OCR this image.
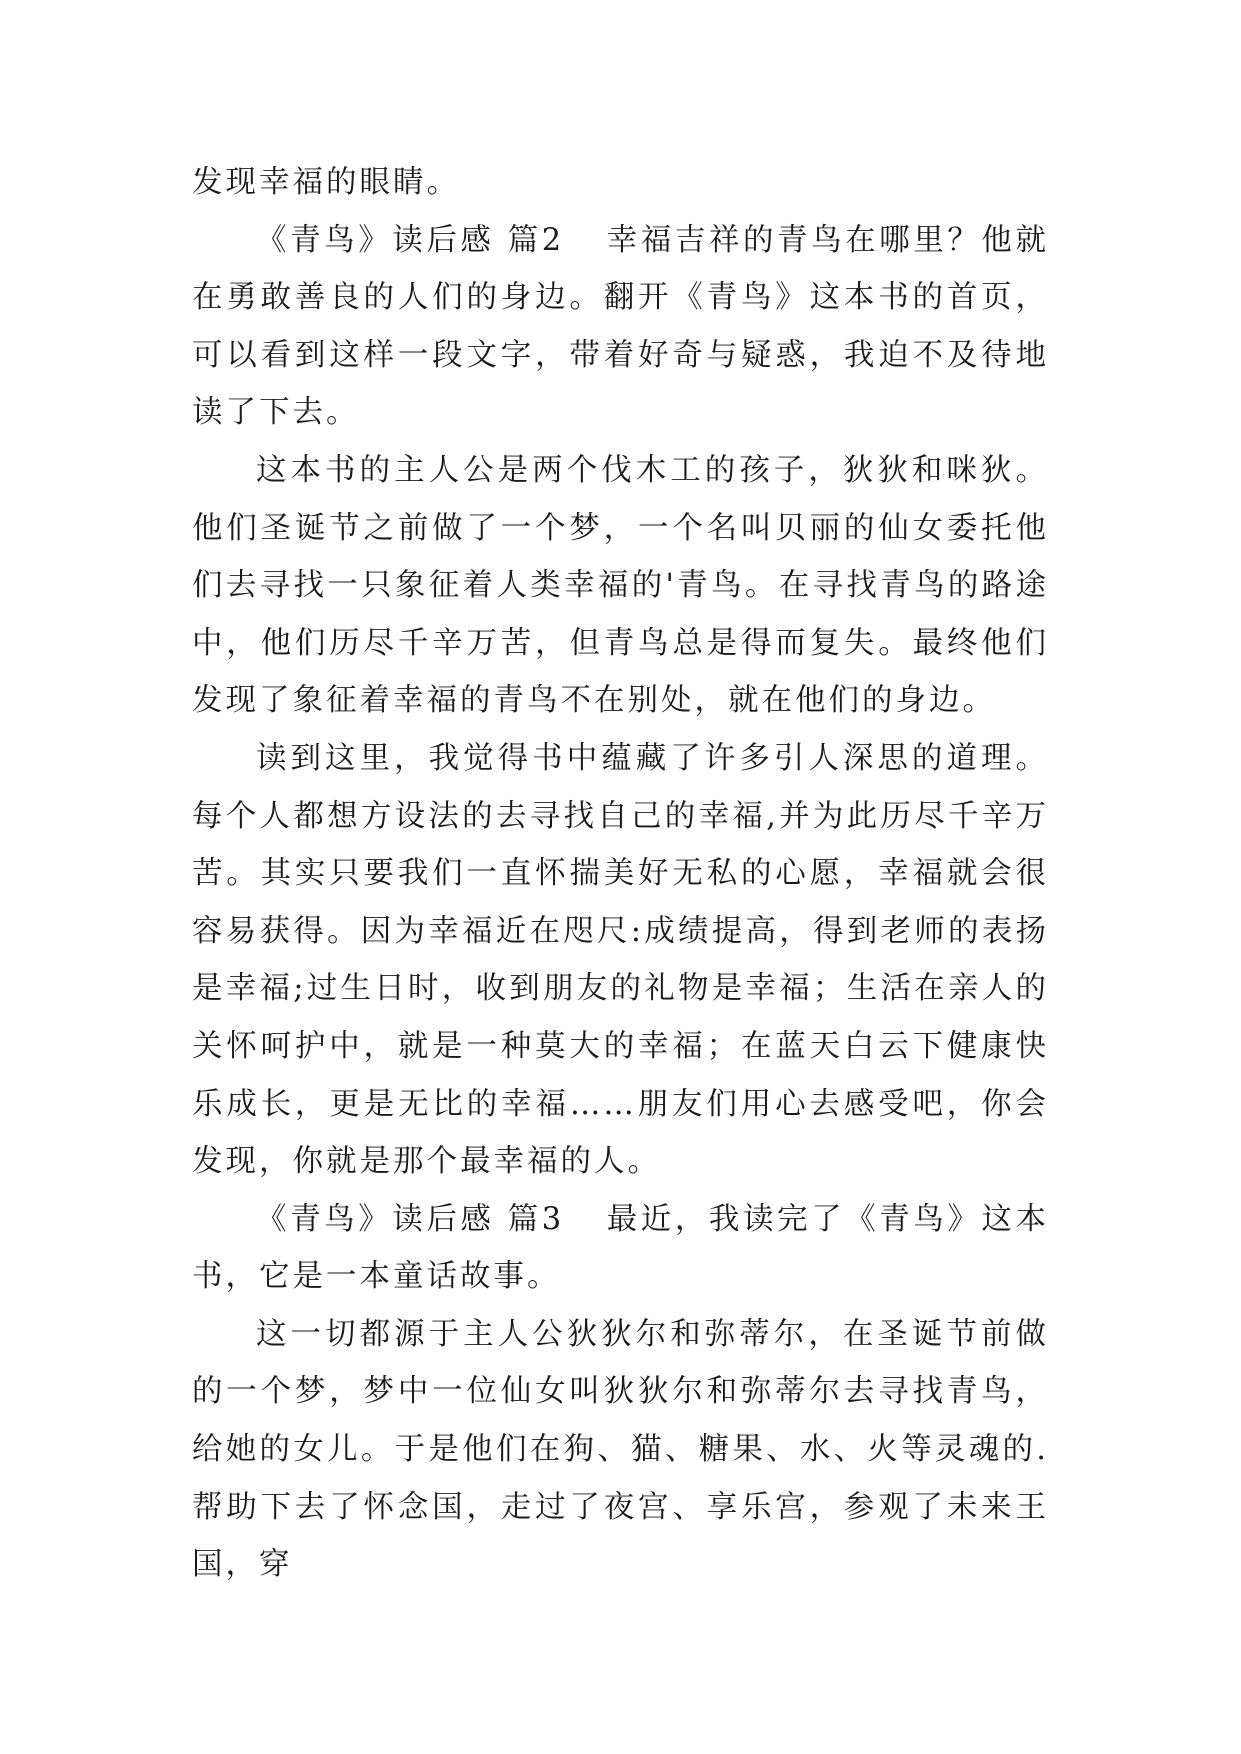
发现幸福的眼睛。

《青鸟》读后感 篇2 幸福吉祥的青鸟在哪里？他就在勇敢善良的人们的身边。翻开《青鸟》这本书的首页，可以看到这样一段文字，带着好奇与疑惑，我迫不及待地读了下去。

这本书的主人公是两个伐木工的孩子，狄狄和咪狄。他们圣诞节之前做了一个梦，一个名叫贝丽的仙女委托他们去寻找一只象征着人类幸福的'青鸟。在寻找青鸟的路途中，他们历尽千辛万苦，但青鸟总是得而复失。最终他们发现了象征着幸福的青鸟不在别处，就在他们的身边。

读到这里，我觉得书中蕴藏了许多引人深思的道理。每个人都想方设法的去寻找自己的幸福,并为此历尽千辛万苦。其实只要我们一直怀揣美好无私的心愿，幸福就会很容易获得。因为幸福近在咫尺:成绩提高，得到老师的表扬是幸福;过生日时，收到朋友的礼物是幸福；生活在亲人的关怀呵护中，就是一种莫大的幸福；在蓝天白云下健康快乐成长，更是无比的幸福……朋友们用心去感受吧，你会发现，你就是那个最幸福的人。

《青鸟》读后感 篇3 最近，我读完了《青鸟》这本书，它是一本童话故事。

这一切都源于主人公狄狄尔和弥蒂尔，在圣诞节前做的一个梦，梦中一位仙女叫狄狄尔和弥蒂尔去寻找青鸟，给她的女儿。于是他们在狗、猫、糖果、水、火等灵魂的.帮助下去了怀念国，走过了夜宫、享乐宫，参观了未来王国，穿
